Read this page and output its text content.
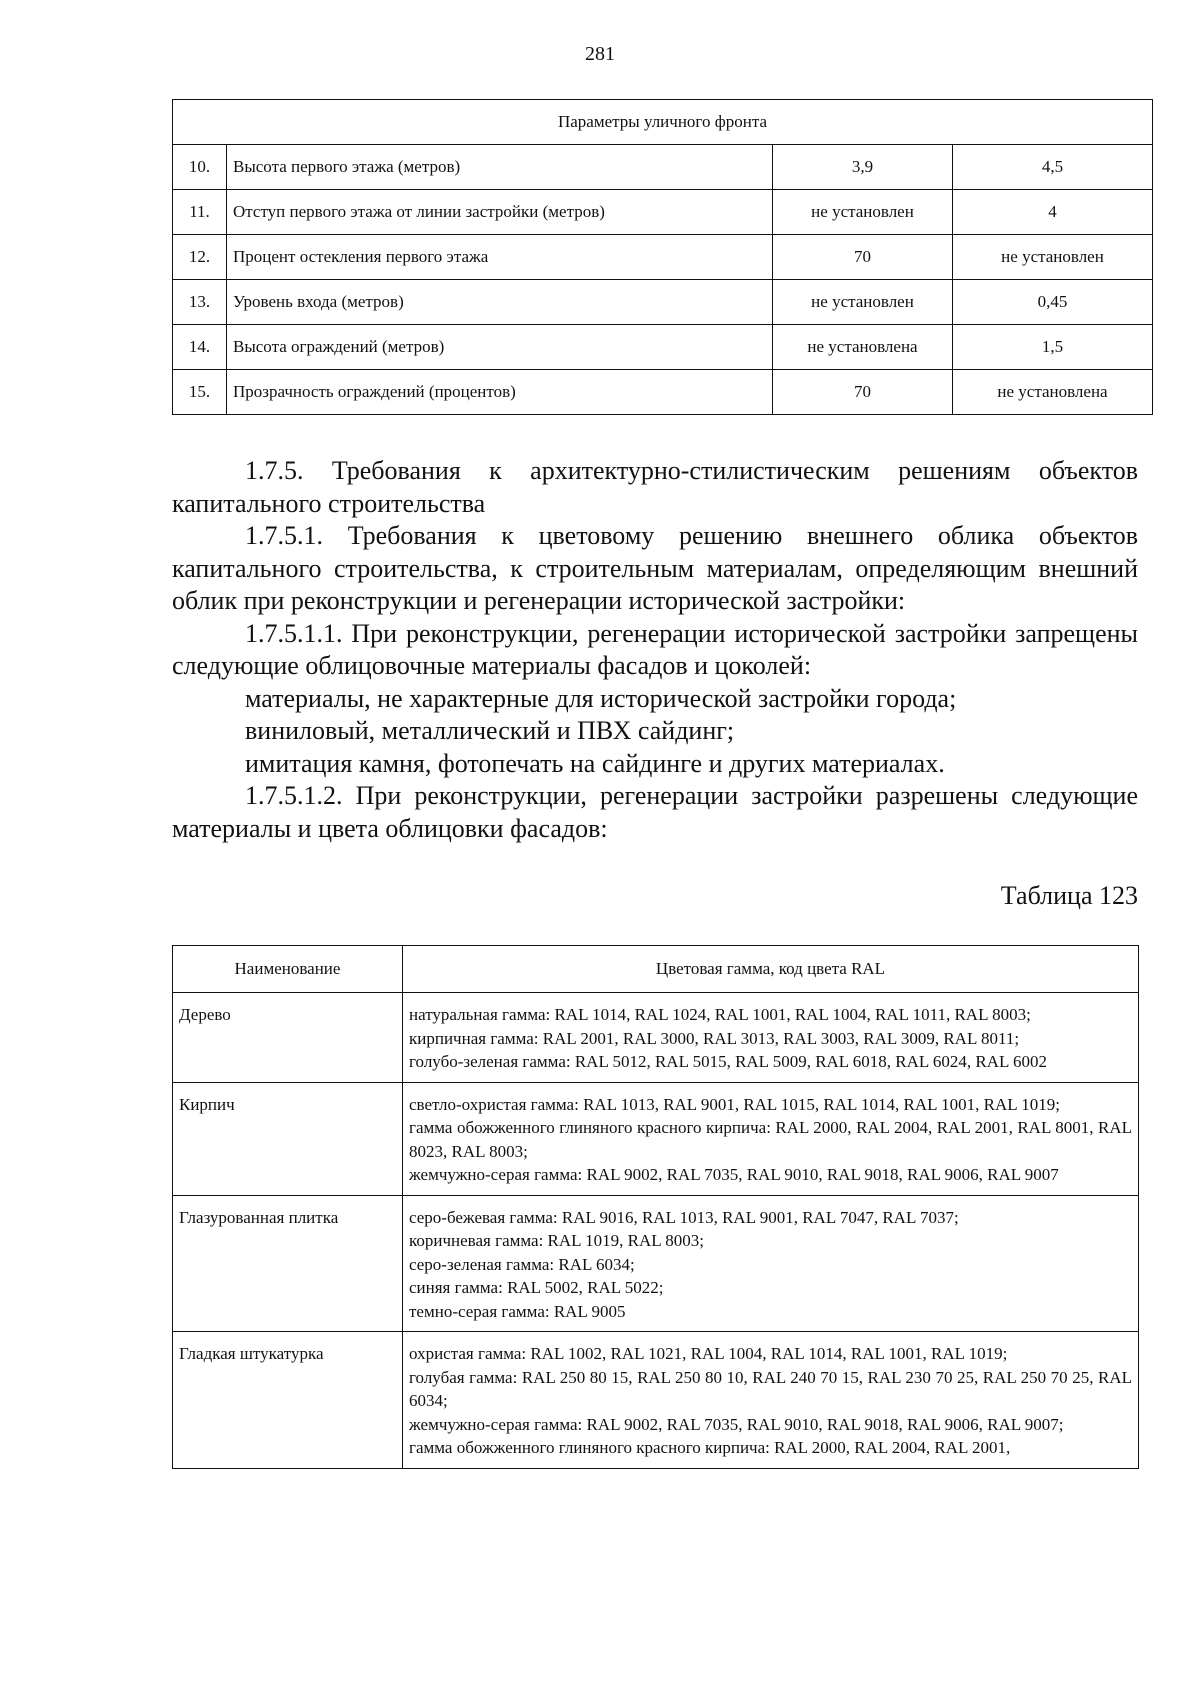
281
Параметры уличного фронта			
10.	Высота первого этажа (метров)	3,9	4,5
11.	Отступ первого этажа от линии застройки (метров)	не установлен	4
12.	Процент остекления первого этажа	70	не установлен
13.	Уровень входа (метров)	не установлен	0,45
14.	Высота ограждений (метров)	не установлена	1,5
15.	Прозрачность ограждений (процентов)	70	не установлена

1.7.5. Требования к архитектурно-стилистическим решениям объектов капитального строительства

1.7.5.1. Требования к цветовому решению внешнего облика объектов капитального строительства, к строительным материалам, определяющим внешний облик при реконструкции и регенерации исторической застройки:

1.7.5.1.1. При реконструкции, регенерации исторической застройки запрещены следующие облицовочные материалы фасадов и цоколей:

материалы, не характерные для исторической застройки города;

виниловый, металлический и ПВХ сайдинг;

имитация камня, фотопечать на сайдинге и других материалах.

1.7.5.1.2. При реконструкции, регенерации застройки разрешены следующие материалы и цвета облицовки фасадов:

Таблица 123
Наименование	Цветовая гамма, код цвета RAL
Дерево	натуральная гамма: RAL 1014, RAL 1024, RAL 1001, RAL 1004, RAL 1011, RAL 8003;
кирпичная гамма: RAL 2001, RAL 3000, RAL 3013, RAL 3003, RAL 3009, RAL 8011;
голубо-зеленая гамма: RAL 5012, RAL 5015, RAL 5009, RAL 6018, RAL 6024, RAL 6002

Кирпич	светло-охристая гамма: RAL 1013, RAL 9001, RAL 1015, RAL 1014, RAL 1001, RAL 1019;
гамма обожженного глиняного красного кирпича: RAL 2000, RAL 2004, RAL 2001, RAL 8001, RAL 8023, RAL 8003;
жемчужно-серая гамма: RAL 9002, RAL 7035, RAL 9010, RAL 9018, RAL 9006, RAL 9007

Глазурованная плитка	серо-бежевая гамма: RAL 9016, RAL 1013, RAL 9001, RAL 7047, RAL 7037;
коричневая гамма: RAL 1019, RAL 8003;
серо-зеленая гамма: RAL 6034;
синяя гамма: RAL 5002, RAL 5022;
темно-серая гамма: RAL 9005

Гладкая штукатурка	охристая гамма: RAL 1002, RAL 1021, RAL 1004, RAL 1014, RAL 1001, RAL 1019;
голубая гамма: RAL 250 80 15, RAL 250 80 10, RAL 240 70 15, RAL 230 70 25, RAL 250 70 25, RAL 6034;
жемчужно-серая гамма: RAL 9002, RAL 7035, RAL 9010, RAL 9018, RAL 9006, RAL 9007;
гамма обожженного глиняного красного кирпича: RAL 2000, RAL 2004, RAL 2001,
